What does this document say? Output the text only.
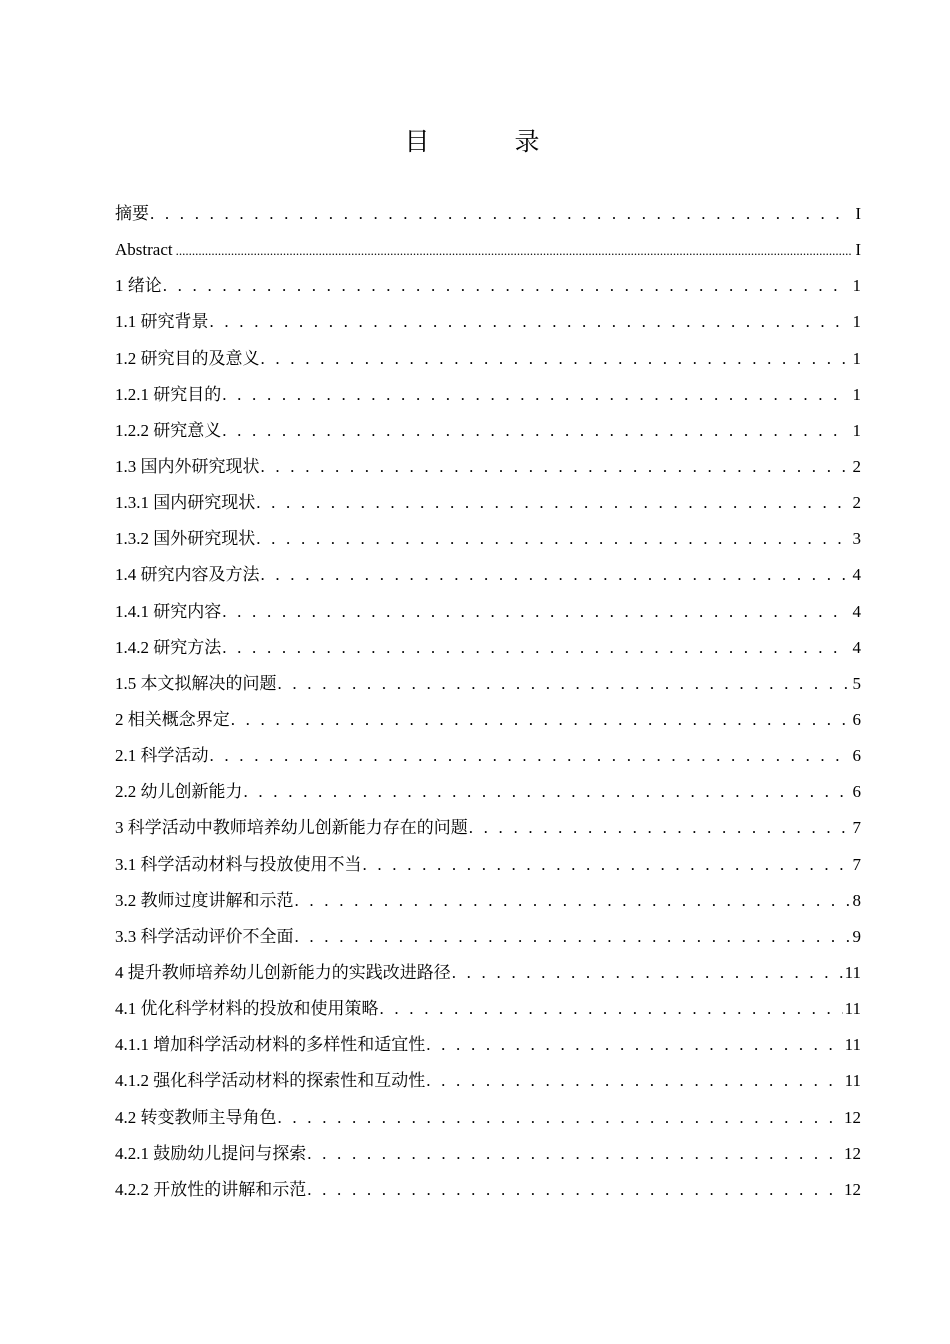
目　录
摘要 . . .	I
Abstract .....	I
1 绪论 . . .	1
1.1 研究背景 . . .	1
1.2 研究目的及意义 . . .	1
1.2.1 研究目的 . . .	1
1.2.2 研究意义 . . .	1
1.3 国内外研究现状 . . .	2
1.3.1 国内研究现状 . . .	2
1.3.2 国外研究现状 . . .	3
1.4 研究内容及方法 . . .	4
1.4.1 研究内容 . . .	4
1.4.2 研究方法 . . .	4
1.5 本文拟解决的问题 . . .	5
2 相关概念界定 . . .	6
2.1 科学活动 . . .	6
2.2 幼儿创新能力 . . .	6
3 科学活动中教师培养幼儿创新能力存在的问题 . . .	7
3.1 科学活动材料与投放使用不当 . . .	7
3.2 教师过度讲解和示范 . . .	8
3.3 科学活动评价不全面 . . .	9
4 提升教师培养幼儿创新能力的实践改进路径 . . .	11
4.1 优化科学材料的投放和使用策略 . . .	11
4.1.1 增加科学活动材料的多样性和适宜性 . . .	11
4.1.2 强化科学活动材料的探索性和互动性 . . .	11
4.2 转变教师主导角色 . . .	12
4.2.1 鼓励幼儿提问与探索 . . .	12
4.2.2 开放性的讲解和示范 . . .	12
